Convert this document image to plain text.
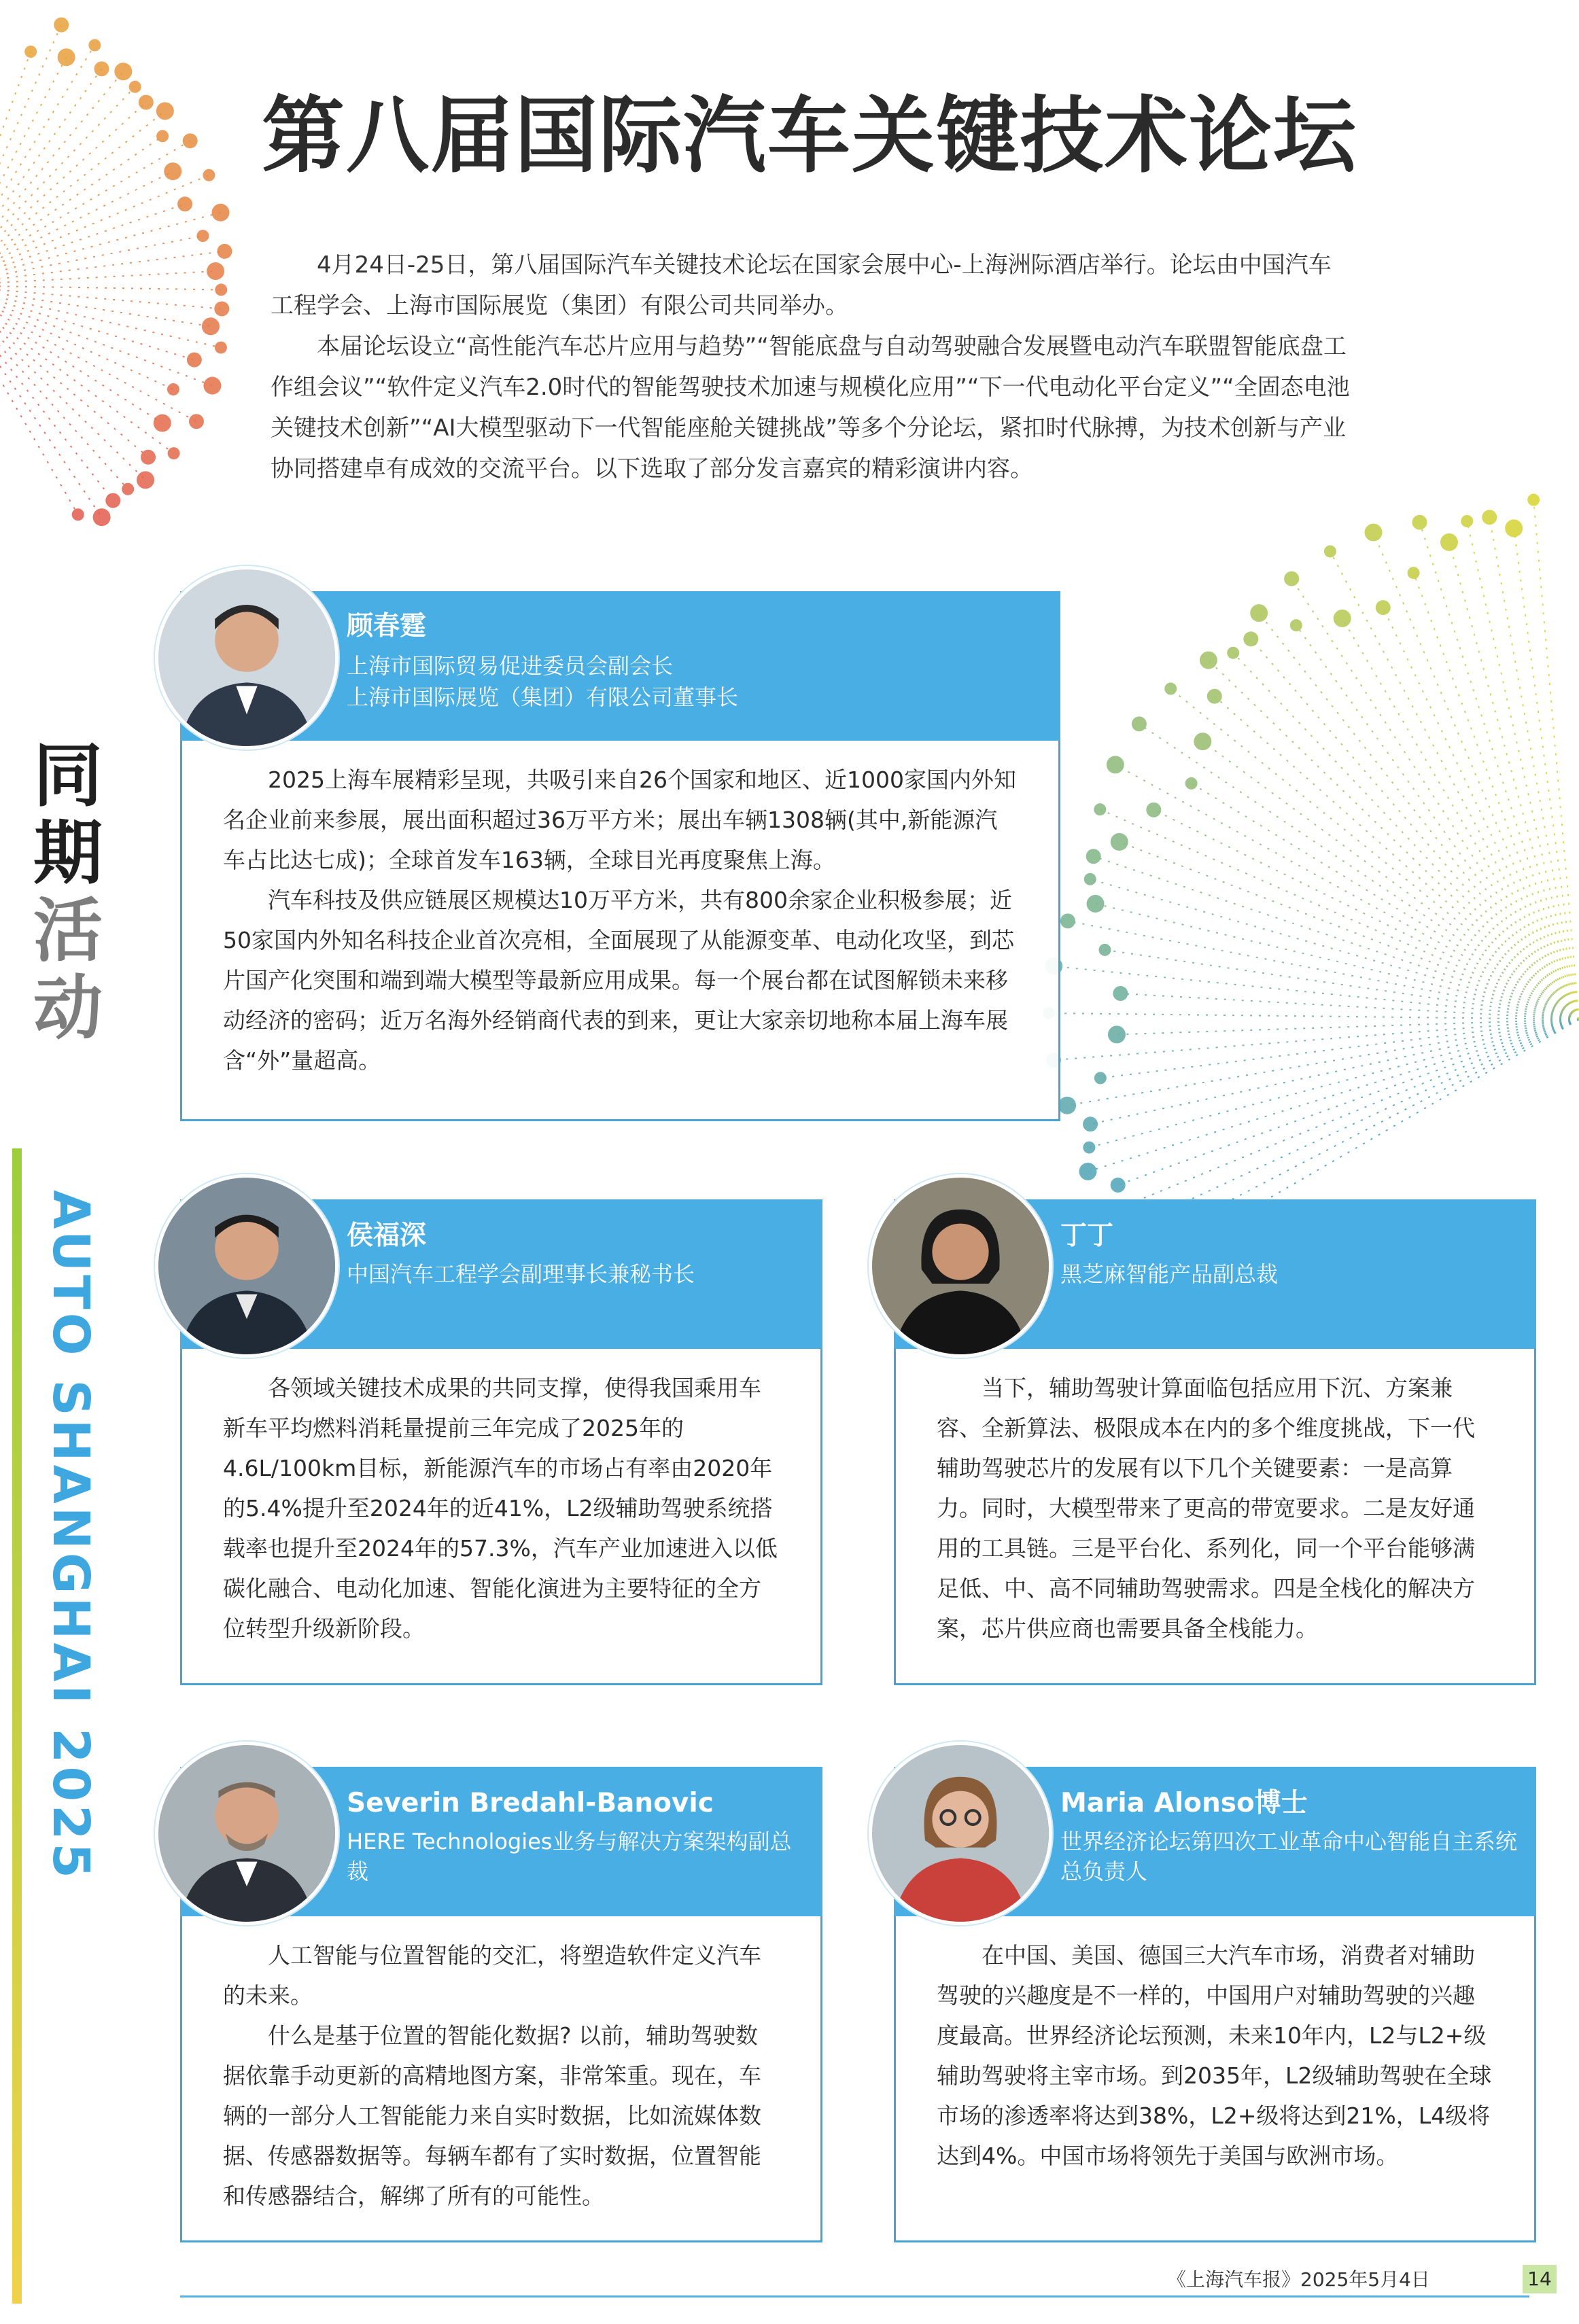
第八届国际汽车关键技术论坛

4月24日-25日，第八届国际汽车关键技术论坛在国家会展中心-上海洲际酒店举行。论坛由中国汽车工程学会、上海市国际展览（集团）有限公司共同举办。

本届论坛设立“高性能汽车芯片应用与趋势”“智能底盘与自动驾驶融合发展暨电动汽车联盟智能底盘工作组会议”“软件定义汽车2.0时代的智能驾驶技术加速与规模化应用”“下一代电动化平台定义”“全固态电池关键技术创新”“AI大模型驱动下一代智能座舱关键挑战”等多个分论坛，紧扣时代脉搏，为技术创新与产业协同搭建卓有成效的交流平台。以下选取了部分发言嘉宾的精彩演讲内容。

同
期
活
动
AUTO SHANGHAI 2025

2025上海车展精彩呈现，共吸引来自26个国家和地区、近1000家国内外知名企业前来参展，展出面积超过36万平方米；展出车辆1308辆(其中,新能源汽车占比达七成)；全球首发车163辆，全球目光再度聚焦上海。

汽车科技及供应链展区规模达10万平方米，共有800余家企业积极参展；近50家国内外知名科技企业首次亮相，全面展现了从能源变革、电动化攻坚，到芯片国产化突围和端到端大模型等最新应用成果。每一个展台都在试图解锁未来移动经济的密码；近万名海外经销商代表的到来，更让大家亲切地称本届上海车展含“外”量超高。

顾春霆
上海市国际贸易促进委员会副会长
上海市国际展览（集团）有限公司董事长

各领域关键技术成果的共同支撑，使得我国乘用车新车平均燃料消耗量提前三年完成了2025年的4.6L/100km目标，新能源汽车的市场占有率由2020年的5.4%提升至2024年的近41%，L2级辅助驾驶系统搭载率也提升至2024年的57.3%，汽车产业加速进入以低碳化融合、电动化加速、智能化演进为主要特征的全方位转型升级新阶段。

侯福深
中国汽车工程学会副理事长兼秘书长

当下，辅助驾驶计算面临包括应用下沉、方案兼容、全新算法、极限成本在内的多个维度挑战，下一代辅助驾驶芯片的发展有以下几个关键要素：一是高算力。同时，大模型带来了更高的带宽要求。二是友好通用的工具链。三是平台化、系列化，同一个平台能够满足低、中、高不同辅助驾驶需求。四是全栈化的解决方案，芯片供应商也需要具备全栈能力。

丁丁
黑芝麻智能产品副总裁

人工智能与位置智能的交汇，将塑造软件定义汽车的未来。

什么是基于位置的智能化数据? 以前，辅助驾驶数据依靠手动更新的高精地图方案，非常笨重。现在，车辆的一部分人工智能能力来自实时数据，比如流媒体数据、传感器数据等。每辆车都有了实时数据，位置智能和传感器结合，解绑了所有的可能性。

Severin Bredahl-Banovic
HERE Technologies业务与解决方案架构副总裁

在中国、美国、德国三大汽车市场，消费者对辅助驾驶的兴趣度是不一样的，中国用户对辅助驾驶的兴趣度最高。世界经济论坛预测，未来10年内，L2与L2+级辅助驾驶将主宰市场。到2035年，L2级辅助驾驶在全球市场的渗透率将达到38%，L2+级将达到21%，L4级将达到4%。中国市场将领先于美国与欧洲市场。

Maria Alonso博士
世界经济论坛第四次工业革命中心智能自主系统总负责人
《上海汽车报》2025年5月4日	14
